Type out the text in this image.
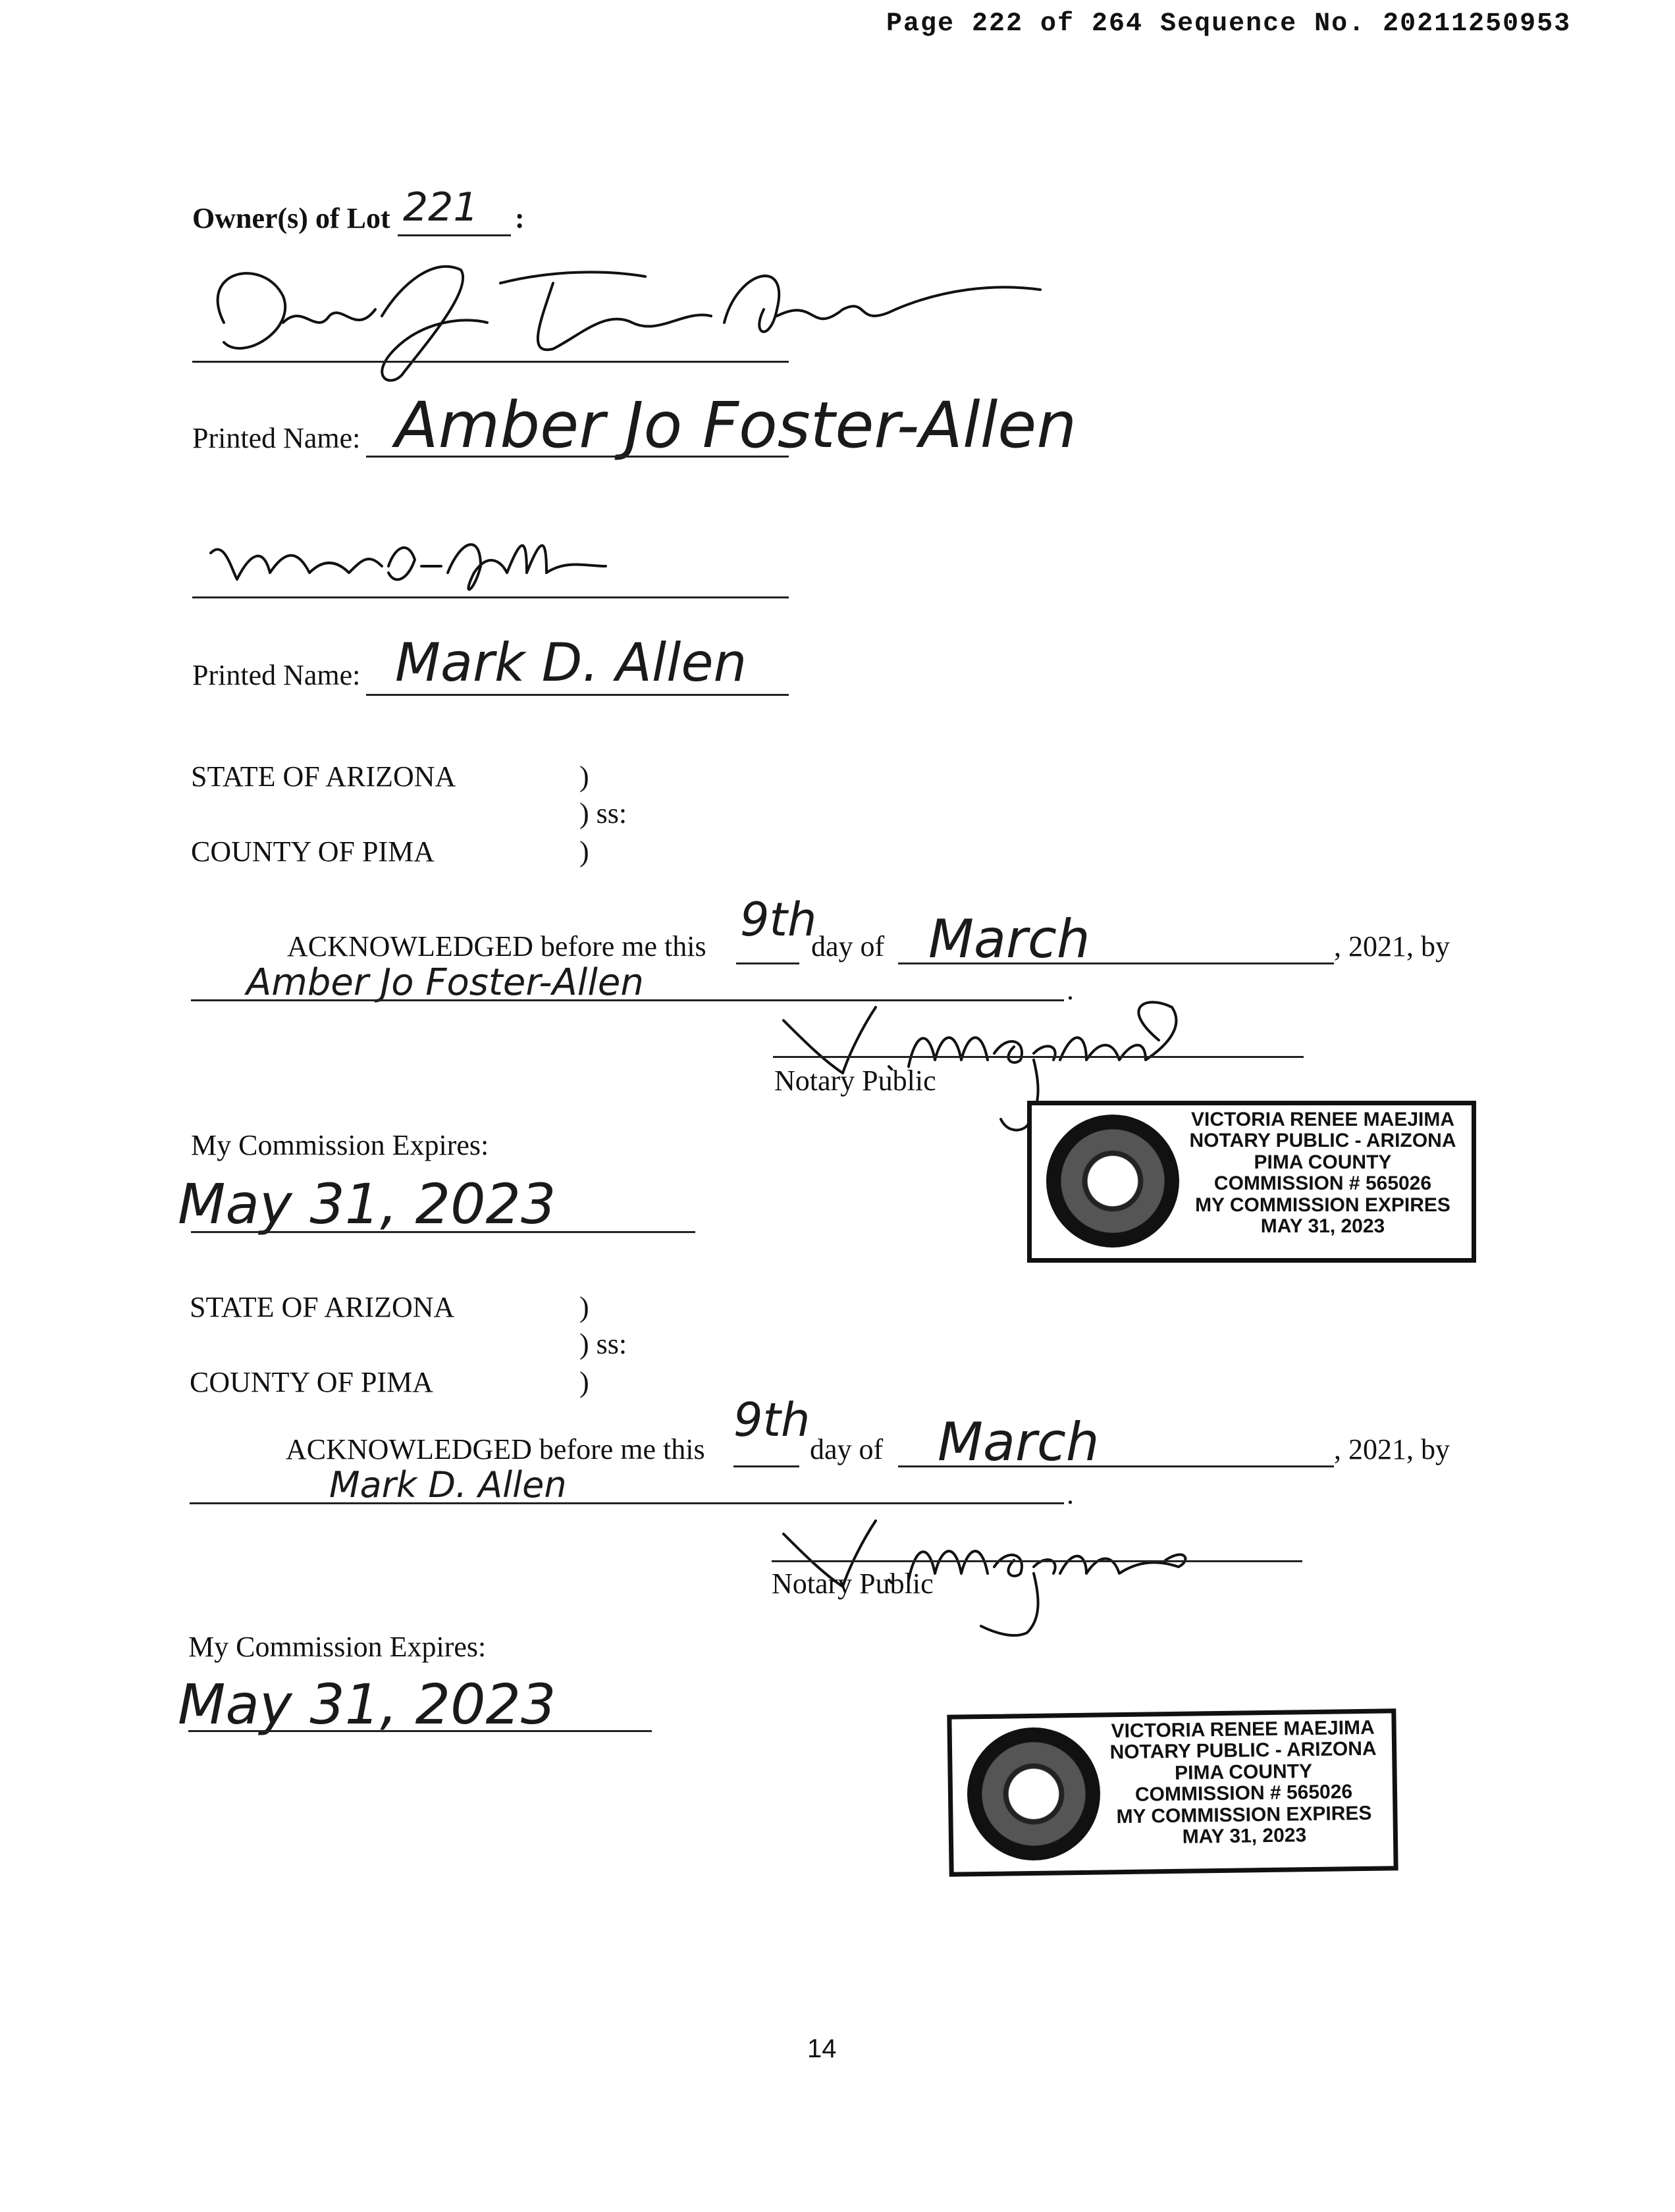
Page 222 of 264 Sequence No. 20211250953
Owner(s) of Lot 221 :
Printed Name: Amber Jo Foster-Allen
Printed Name: Mark D. Allen
STATE OF ARIZONA	)
) ss:
COUNTY OF PIMA	)
ACKNOWLEDGED before me this 9th
day of March	, 2021, by
Amber Jo Foster-Allen	.
Notary Public
My Commission Expires:
May 31, 2023
VICTORIA RENEE MAEJIMA
NOTARY PUBLIC - ARIZONA
PIMA COUNTY
COMMISSION # 565026
MY COMMISSION EXPIRES
MAY 31, 2023
STATE OF ARIZONA	)
) ss:
COUNTY OF PIMA	)
ACKNOWLEDGED before me this
9th
day of March	, 2021, by
Mark D. Allen	.
Notary Public
My Commission Expires:
May 31, 2023	VICTORIA RENEE MAEJIMA
NOTARY PUBLIC - ARIZONA
PIMA COUNTY
COMMISSION # 565026
MY COMMISSION EXPIRES
MAY 31, 2023
14
